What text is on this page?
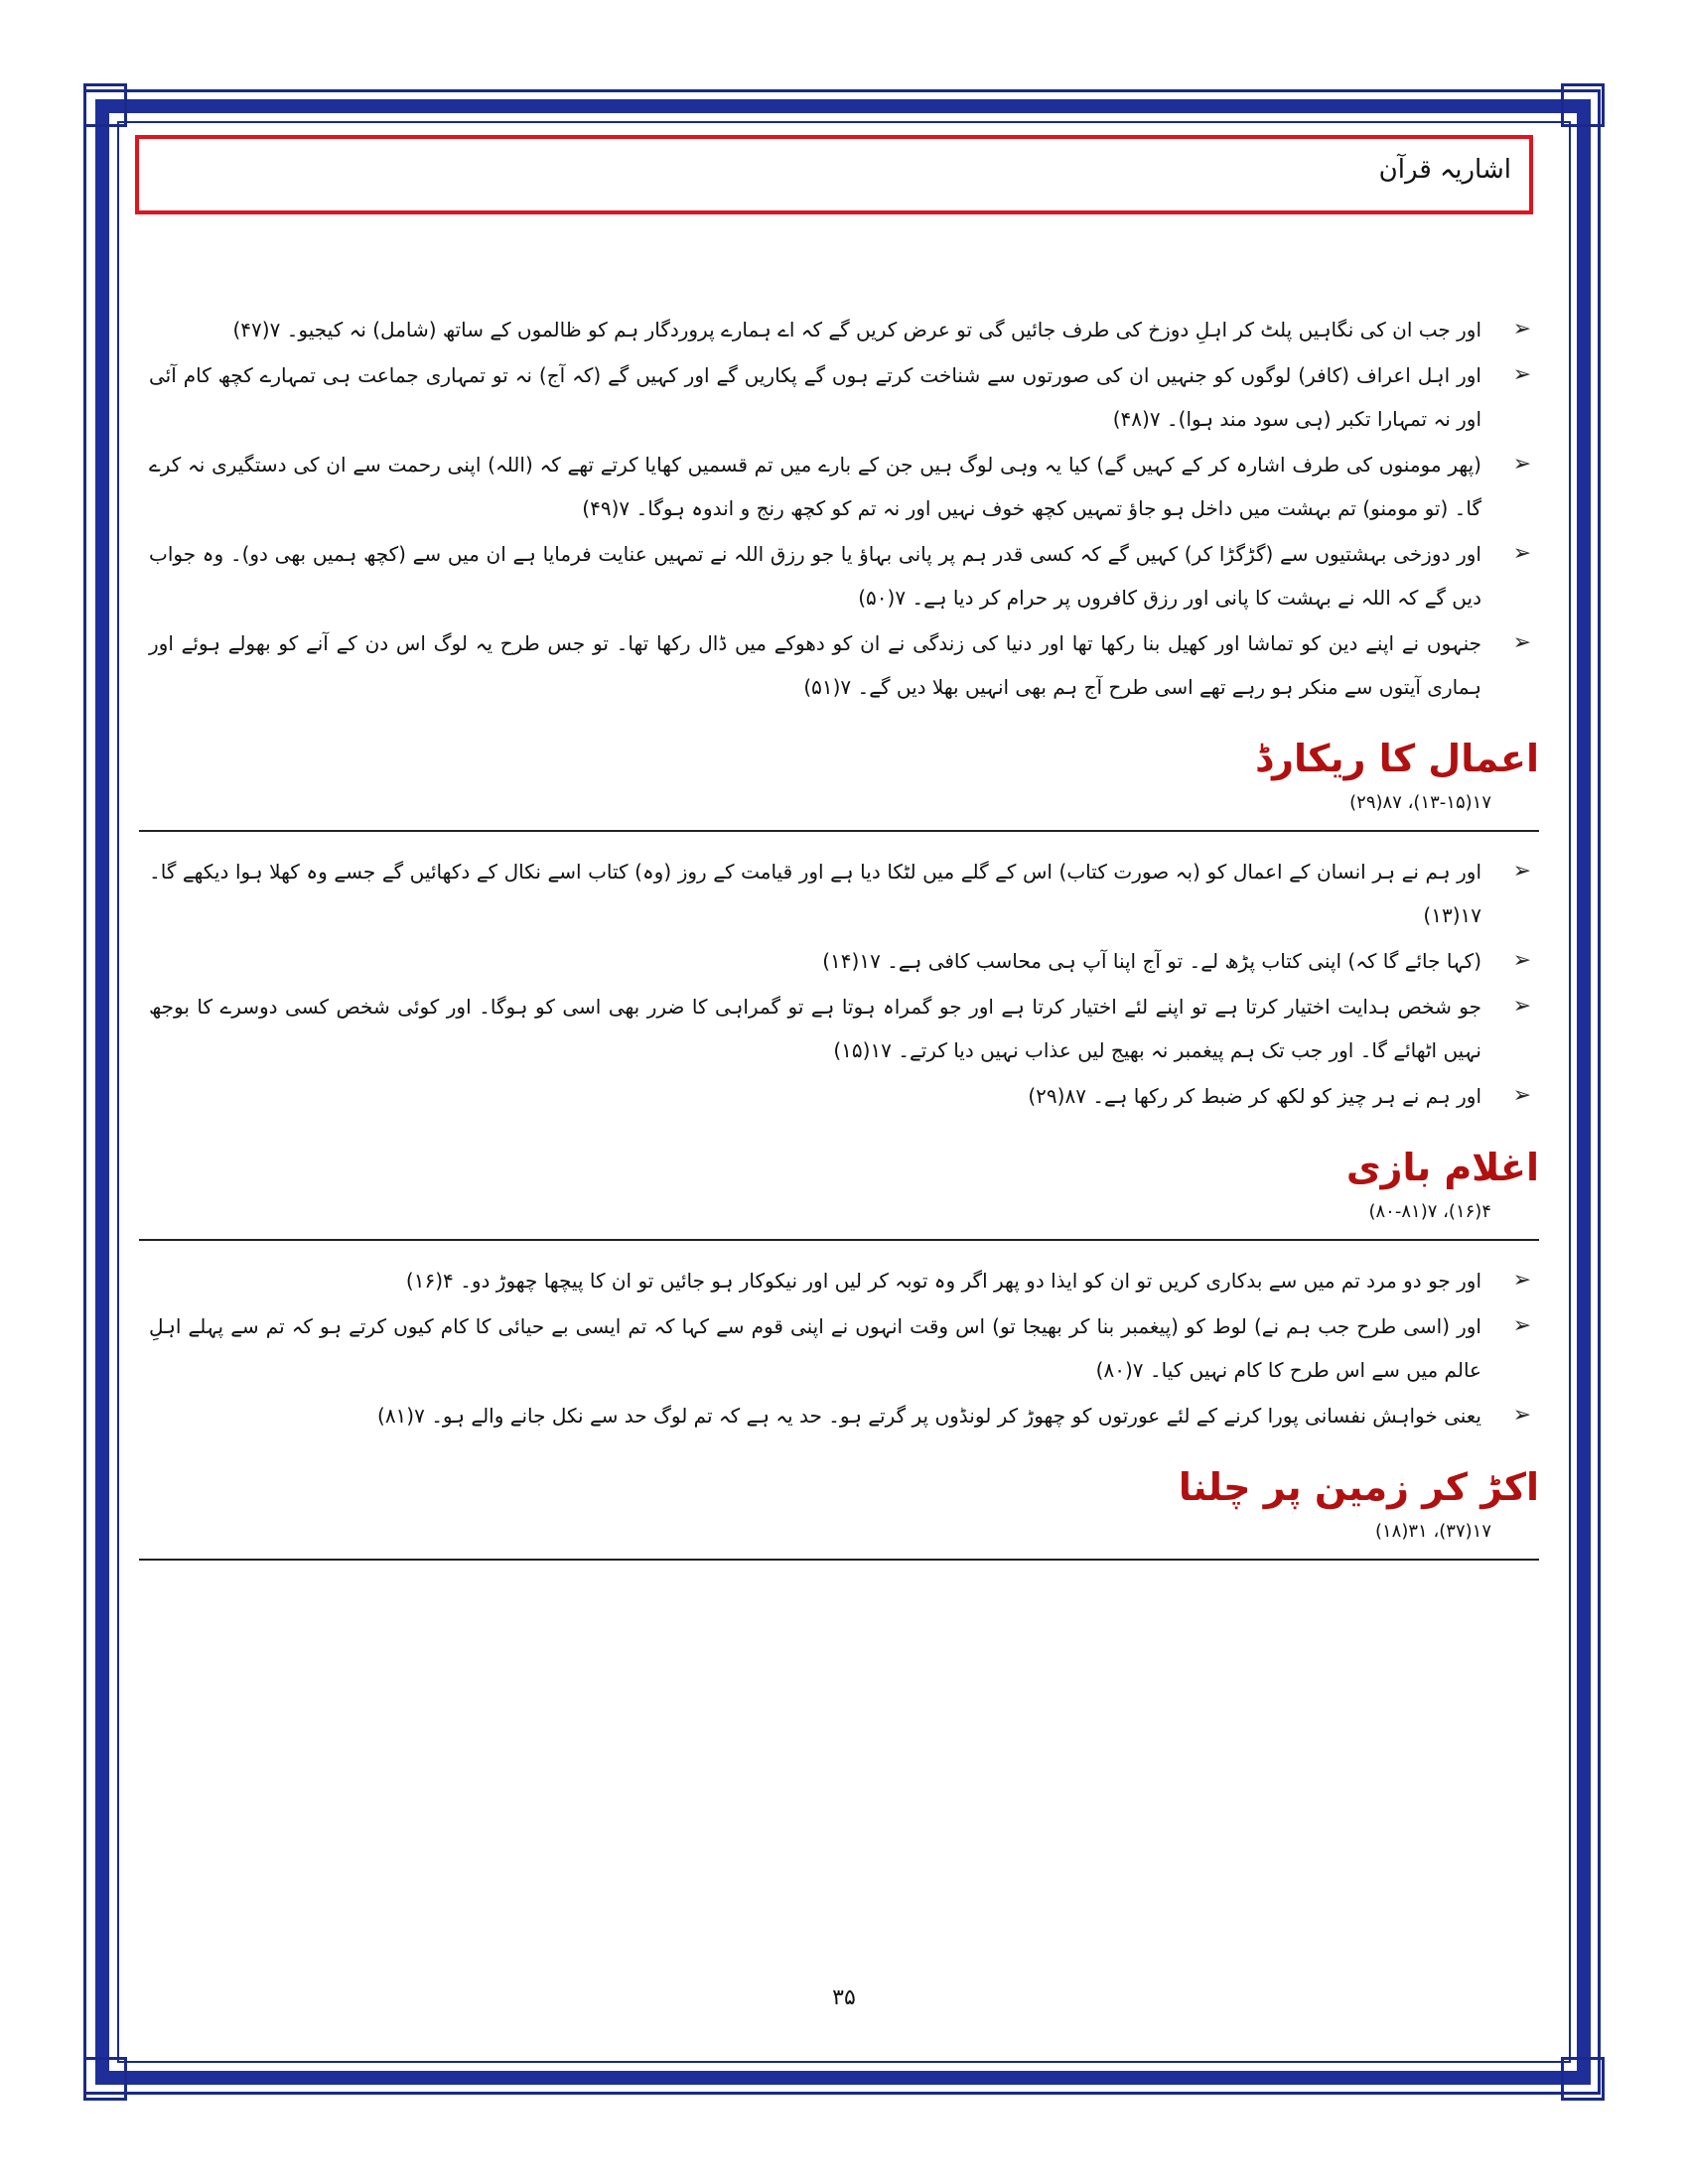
اشاریہ قرآن
➢
اور جب ان کی نگاہیں پلٹ کر اہلِ دوزخ کی طرف جائیں گی تو عرض کریں گے کہ اے ہمارے پروردگار ہم کو ظالموں کے ساتھ (شامل) نہ کیجیو۔ ۷(۴۷)
➢
اور اہل اعراف (کافر) لوگوں کو جنہیں ان کی صورتوں سے شناخت کرتے ہوں گے پکاریں گے اور کہیں گے (کہ آج) نہ تو تمہاری جماعت ہی تمہارے کچھ کام آئی اور نہ تمہارا تکبر (ہی سود مند ہوا)۔ ۷(۴۸)
➢
(پھر مومنوں کی طرف اشارہ کر کے کہیں گے) کیا یہ وہی لوگ ہیں جن کے بارے میں تم قسمیں کھایا کرتے تھے کہ (اللہ) اپنی رحمت سے ان کی دستگیری نہ کرے گا۔ (تو مومنو) تم بہشت میں داخل ہو جاؤ تمہیں کچھ خوف نہیں اور نہ تم کو کچھ رنج و اندوہ ہوگا۔ ۷(۴۹)
➢
اور دوزخی بہشتیوں سے (گڑگڑا کر) کہیں گے کہ کسی قدر ہم پر پانی بہاؤ یا جو رزق اللہ نے تمہیں عنایت فرمایا ہے ان میں سے (کچھ ہمیں بھی دو)۔ وہ جواب دیں گے کہ اللہ نے بہشت کا پانی اور رزق کافروں پر حرام کر دیا ہے۔ ۷(۵۰)
➢
جنہوں نے اپنے دین کو تماشا اور کھیل بنا رکھا تھا اور دنیا کی زندگی نے ان کو دھوکے میں ڈال رکھا تھا۔ تو جس طرح یہ لوگ اس دن کے آنے کو بھولے ہوئے اور ہماری آیتوں سے منکر ہو رہے تھے اسی طرح آج ہم بھی انہیں بھلا دیں گے۔ ۷(۵۱)
اعمال کا ریکارڈ
۱۷(۱۳-۱۵)، ۸۷(۲۹)
➢
اور ہم نے ہر انسان کے اعمال کو (بہ صورت کتاب) اس کے گلے میں لٹکا دیا ہے اور قیامت کے روز (وہ) کتاب اسے نکال کے دکھائیں گے جسے وہ کھلا ہوا دیکھے گا۔ ۱۷(۱۳)
➢
(کہا جائے گا کہ) اپنی کتاب پڑھ لے۔ تو آج اپنا آپ ہی محاسب کافی ہے۔ ۱۷(۱۴)
➢
جو شخص ہدایت اختیار کرتا ہے تو اپنے لئے اختیار کرتا ہے اور جو گمراہ ہوتا ہے تو گمراہی کا ضرر بھی اسی کو ہوگا۔ اور کوئی شخص کسی دوسرے کا بوجھ نہیں اٹھائے گا۔ اور جب تک ہم پیغمبر نہ بھیج لیں عذاب نہیں دیا کرتے۔ ۱۷(۱۵)
➢
اور ہم نے ہر چیز کو لکھ کر ضبط کر رکھا ہے۔ ۸۷(۲۹)
اغلام بازی
۴(۱۶)، ۷(۸۰-۸۱)
➢
اور جو دو مرد تم میں سے بدکاری کریں تو ان کو ایذا دو پھر اگر وہ توبہ کر لیں اور نیکوکار ہو جائیں تو ان کا پیچھا چھوڑ دو۔ ۴(۱۶)
➢
اور (اسی طرح جب ہم نے) لوط کو (پیغمبر بنا کر بھیجا تو) اس وقت انہوں نے اپنی قوم سے کہا کہ تم ایسی بے حیائی کا کام کیوں کرتے ہو کہ تم سے پہلے اہلِ عالم میں سے اس طرح کا کام نہیں کیا۔ ۷(۸۰)
➢
یعنی خواہش نفسانی پورا کرنے کے لئے عورتوں کو چھوڑ کر لونڈوں پر گرتے ہو۔ حد یہ ہے کہ تم لوگ حد سے نکل جانے والے ہو۔ ۷(۸۱)
اکڑ کر زمین پر چلنا
۱۷(۳۷)، ۳۱(۱۸)
۳۵
